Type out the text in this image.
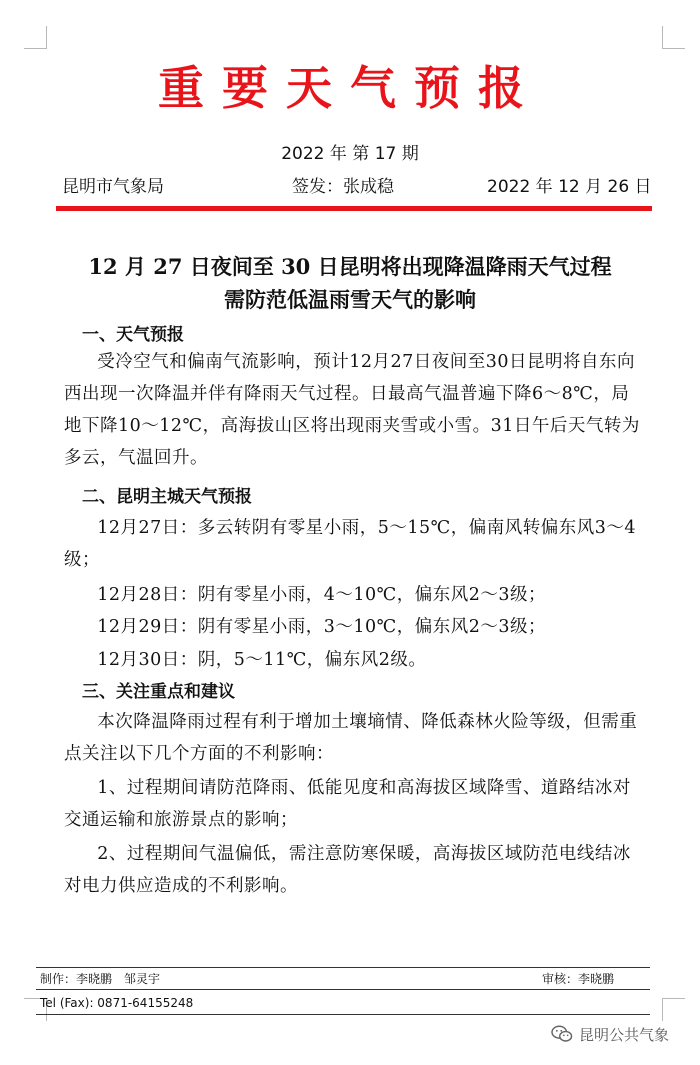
重要天气预报
2022 年 第 17 期
昆明市气象局	签发：张成稳	2022 年 12 月 26 日
12 月 27 日夜间至 30 日昆明将出现降温降雨天气过程
需防范低温雨雪天气的影响
一、天气预报
受冷空气和偏南气流影响，预计12月27日夜间至30日昆明将自东向西出现一次降温并伴有降雨天气过程。日最高气温普遍下降6～8℃，局地下降10～12℃，高海拔山区将出现雨夹雪或小雪。31日午后天气转为多云，气温回升。
二、昆明主城天气预报
12月27日：多云转阴有零星小雨，5～15℃，偏南风转偏东风3～4级；
12月28日：阴有零星小雨，4～10℃，偏东风2～3级；
12月29日：阴有零星小雨，3～10℃，偏东风2～3级；
12月30日：阴，5～11℃，偏东风2级。
三、关注重点和建议
本次降温降雨过程有利于增加土壤墒情、降低森林火险等级，但需重点关注以下几个方面的不利影响：
1、过程期间请防范降雨、低能见度和高海拔区域降雪、道路结冰对交通运输和旅游景点的影响；
2、过程期间气温偏低，需注意防寒保暖，高海拔区域防范电线结冰对电力供应造成的不利影响。
制作：李晓鹏　邹灵宇	审核：李晓鹏
Tel (Fax): 0871-64155248
昆明公共气象
